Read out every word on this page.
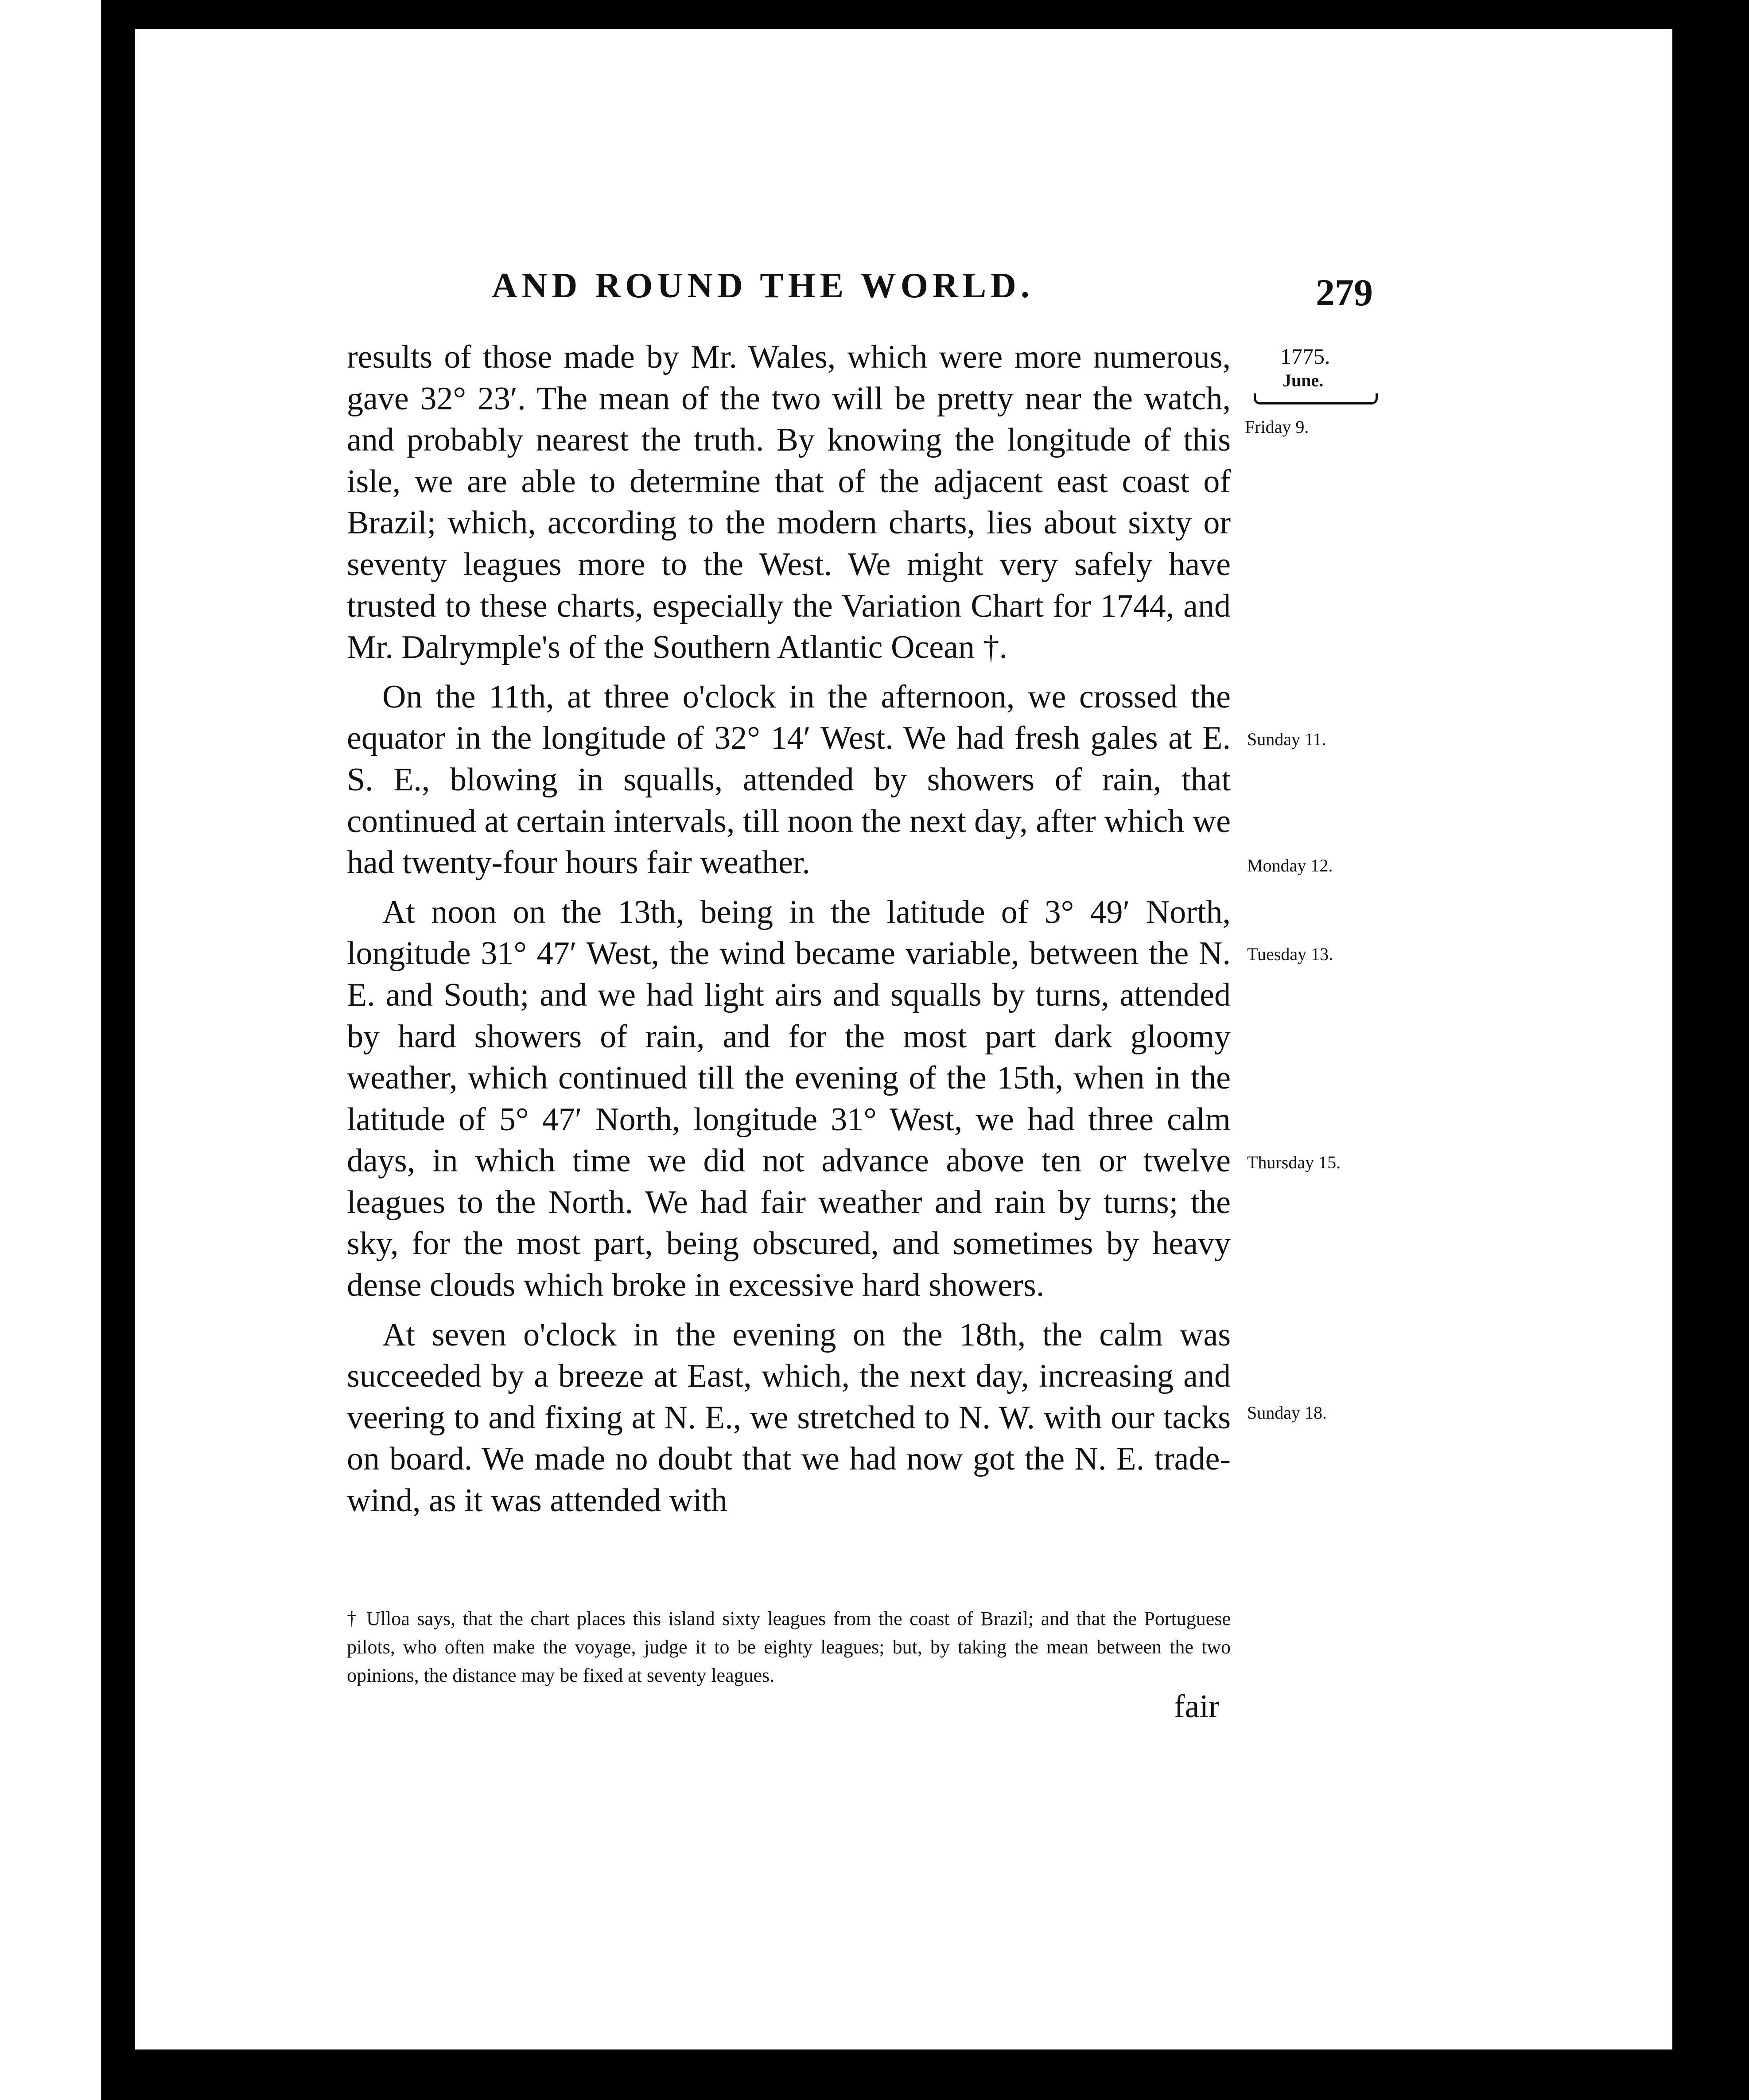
AND ROUND THE WORLD.	279
1775.
June.
Friday 9.
Sunday 11.
Monday 12.
Tuesday 13.
Thursday 15.
Sunday 18.

results of those made by Mr. Wales, which were more numerous, gave 32° 23′. The mean of the two will be pretty near the watch, and probably nearest the truth. By knowing the longitude of this isle, we are able to determine that of the adjacent east coast of Brazil; which, according to the modern charts, lies about sixty or seventy leagues more to the West. We might very safely have trusted to these charts, especially the Variation Chart for 1744, and Mr. Dalrymple's of the Southern Atlantic Ocean †.

On the 11th, at three o'clock in the afternoon, we crossed the equator in the longitude of 32° 14′ West. We had fresh gales at E. S. E., blowing in squalls, attended by showers of rain, that continued at certain intervals, till noon the next day, after which we had twenty-four hours fair weather.

At noon on the 13th, being in the latitude of 3° 49′ North, longitude 31° 47′ West, the wind became variable, between the N. E. and South; and we had light airs and squalls by turns, attended by hard showers of rain, and for the most part dark gloomy weather, which continued till the evening of the 15th, when in the latitude of 5° 47′ North, longitude 31° West, we had three calm days, in which time we did not advance above ten or twelve leagues to the North. We had fair weather and rain by turns; the sky, for the most part, being obscured, and sometimes by heavy dense clouds which broke in excessive hard showers.

At seven o'clock in the evening on the 18th, the calm was succeeded by a breeze at East, which, the next day, increasing and veering to and fixing at N. E., we stretched to N. W. with our tacks on board. We made no doubt that we had now got the N. E. trade-wind, as it was attended with

† Ulloa says, that the chart places this island sixty leagues from the coast of Brazil; and that the Portuguese pilots, who often make the voyage, judge it to be eighty leagues; but, by taking the mean between the two opinions, the distance may be fixed at seventy leagues.
fair
